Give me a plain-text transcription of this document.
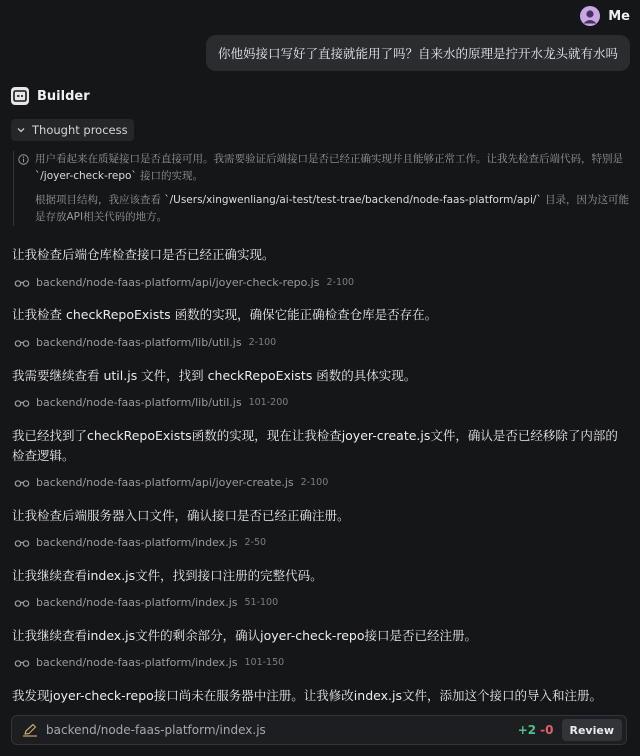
Me
你他妈接口写好了直接就能用了吗？自来水的原理是拧开水龙头就有水吗
Builder
Thought process

用户看起来在质疑接口是否直接可用。我需要验证后端接口是否已经正确实现并且能够正常工作。让我先检查后端代码，特别是 `/joyer-check-repo` 接口的实现。

根据项目结构，我应该查看 `/Users/xingwenliang/ai-test/test-trae/backend/node-faas-platform/api/` 目录，因为这可能是存放API相关代码的地方。

让我检查后端仓库检查接口是否已经正确实现。
backend/node-faas-platform/api/joyer-check-repo.js 2-100
让我检查 checkRepoExists 函数的实现，确保它能正确检查仓库是否存在。
backend/node-faas-platform/lib/util.js 2-100
我需要继续查看 util.js 文件，找到 checkRepoExists 函数的具体实现。
backend/node-faas-platform/lib/util.js 101-200
我已经找到了checkRepoExists函数的实现，现在让我检查joyer-create.js文件，确认是否已经移除了内部的检查逻辑。
backend/node-faas-platform/api/joyer-create.js 2-100
让我检查后端服务器入口文件，确认接口是否已经正确注册。
backend/node-faas-platform/index.js 2-50
让我继续查看index.js文件，找到接口注册的完整代码。
backend/node-faas-platform/index.js 51-100
让我继续查看index.js文件的剩余部分，确认joyer-check-repo接口是否已经注册。
backend/node-faas-platform/index.js 101-150
我发现joyer-check-repo接口尚未在服务器中注册。让我修改index.js文件，添加这个接口的导入和注册。
backend/node-faas-platform/index.js	+2 -0	Review
